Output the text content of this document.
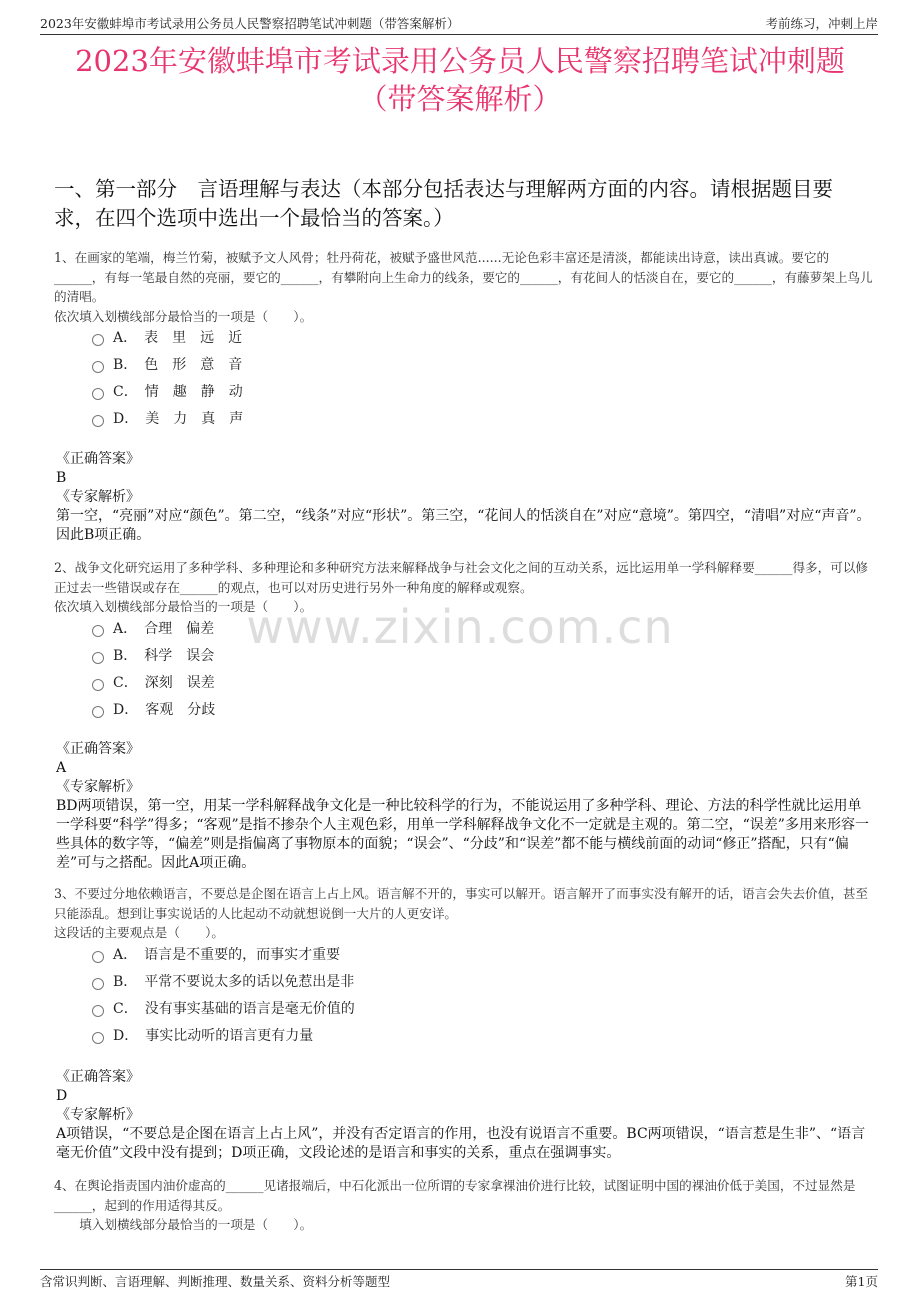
2023年安徽蚌埠市考试录用公务员人民警察招聘笔试冲刺题（带答案解析）	考前练习，冲刺上岸
2023年安徽蚌埠市考试录用公务员人民警察招聘笔试冲刺题
（带答案解析）
一、第一部分　言语理解与表达（本部分包括表达与理解两方面的内容。请根据题目要求，在四个选项中选出一个最恰当的答案。）

1、在画家的笔端，梅兰竹菊，被赋予文人风骨；牡丹荷花，被赋予盛世风范......无论色彩丰富还是清淡，都能读出诗意，读出真诚。要它的______，有每一笔最自然的亮丽，要它的______，有攀附向上生命力的线条，要它的______，有花间人的恬淡自在，要它的______，有藤萝架上鸟儿的清唱。

依次填入划横线部分最恰当的一项是（　　）。

A．　表　里　远　近
B．　色　形　意　音
C．　情　趣　静　动
D．　美　力　真　声

《正确答案》

B

《专家解析》

第一空，“亮丽”对应“颜色”。第二空，“线条”对应“形状”。第三空，“花间人的恬淡自在”对应“意境”。第四空，“清唱”对应“声音”。因此B项正确。

2、战争文化研究运用了多种学科、多种理论和多种研究方法来解释战争与社会文化之间的互动关系，远比运用单一学科解释要______得多，可以修正过去一些错误或存在______的观点，也可以对历史进行另外一种角度的解释或观察。

依次填入划横线部分最恰当的一项是（　　）。

A．　合理　偏差
B．　科学　误会
C．　深刻　误差
D．　客观　分歧
www.zixin.com.cn

《正确答案》

A

《专家解析》

BD两项错误，第一空，用某一学科解释战争文化是一种比较科学的行为，不能说运用了多种学科、理论、方法的科学性就比运用单一学科要“科学”得多；“客观”是指不掺杂个人主观色彩，用单一学科解释战争文化不一定就是主观的。第二空，“误差”多用来形容一些具体的数字等，“偏差”则是指偏离了事物原本的面貌；“误会”、“分歧”和“误差”都不能与横线前面的动词“修正”搭配，只有“偏差”可与之搭配。因此A项正确。

3、不要过分地依赖语言，不要总是企图在语言上占上风。语言解不开的，事实可以解开。语言解开了而事实没有解开的话，语言会失去价值，甚至只能添乱。想到让事实说话的人比起动不动就想说倒一大片的人更安详。

这段话的主要观点是（　　）。

A．　语言是不重要的，而事实才重要
B．　平常不要说太多的话以免惹出是非
C．　没有事实基础的语言是毫无价值的
D．　事实比动听的语言更有力量

《正确答案》

D

《专家解析》

A项错误，“不要总是企图在语言上占上风”，并没有否定语言的作用，也没有说语言不重要。BC两项错误，“语言惹是生非”、“语言毫无价值”文段中没有提到；D项正确，文段论述的是语言和事实的关系，重点在强调事实。

4、在舆论指责国内油价虚高的______见诸报端后，中石化派出一位所谓的专家拿裸油价进行比较，试图证明中国的裸油价低于美国，不过显然是______，起到的作用适得其反。

　　填入划横线部分最恰当的一项是（　　）。

含常识判断、言语理解、判断推理、数量关系、资料分析等题型	第1页
